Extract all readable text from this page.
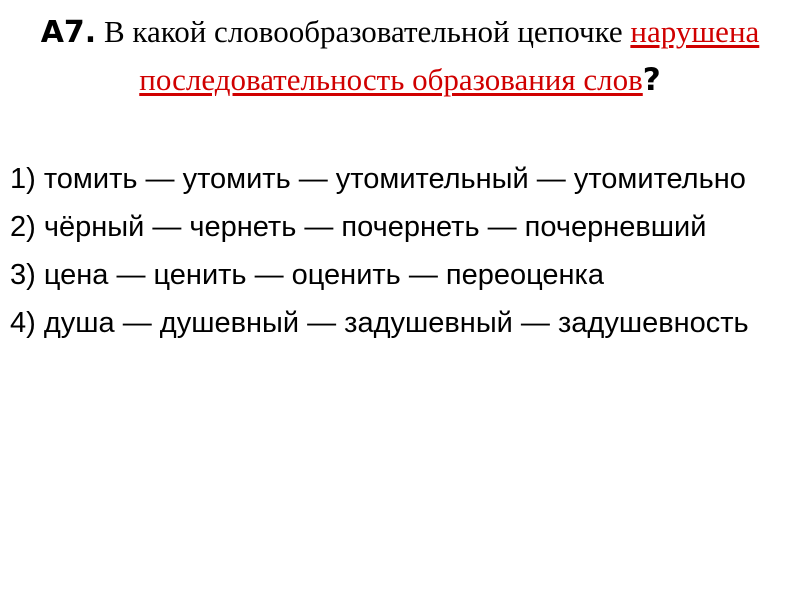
А7. В какой словообразовательной цепочке нарушена последовательность образования слов?

1) томить — утомить — утомительный — утомительно
2) чёрный — чернеть — почернеть — почерневший
3) цена — ценить — оценить — переоценка
4) душа — душевный — задушевный — задушевность
